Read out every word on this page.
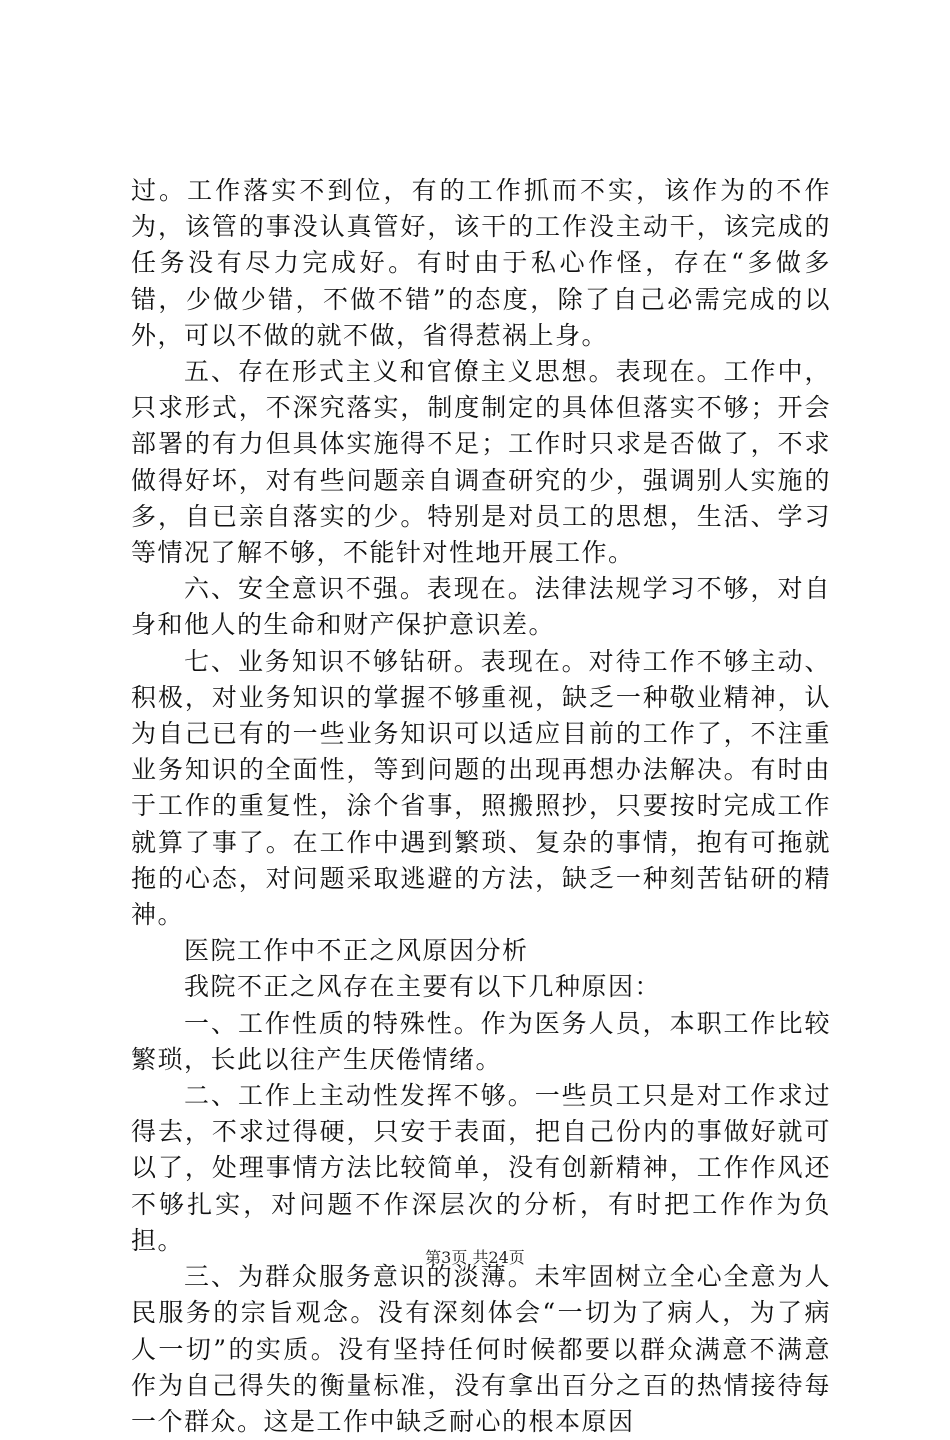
过。工作落实不到位，有的工作抓而不实，该作为的不作为，该管的事没认真管好，该干的工作没主动干，该完成的任务没有尽力完成好。有时由于私心作怪，存在“多做多错，少做少错，不做不错”的态度，除了自己必需完成的以外，可以不做的就不做，省得惹祸上身。

五、存在形式主义和官僚主义思想。表现在。工作中，只求形式，不深究落实，制度制定的具体但落实不够；开会部署的有力但具体实施得不足；工作时只求是否做了，不求做得好坏，对有些问题亲自调查研究的少，强调别人实施的多，自已亲自落实的少。特别是对员工的思想，生活、学习等情况了解不够，不能针对性地开展工作。

六、安全意识不强。表现在。法律法规学习不够，对自身和他人的生命和财产保护意识差。

七、业务知识不够钻研。表现在。对待工作不够主动、积极，对业务知识的掌握不够重视，缺乏一种敬业精神，认为自己已有的一些业务知识可以适应目前的工作了，不注重业务知识的全面性，等到问题的出现再想办法解决。有时由于工作的重复性，涂个省事，照搬照抄，只要按时完成工作就算了事了。在工作中遇到繁琐、复杂的事情，抱有可拖就拖的心态，对问题采取逃避的方法，缺乏一种刻苦钻研的精神。

医院工作中不正之风原因分析

我院不正之风存在主要有以下几种原因：

一、工作性质的特殊性。作为医务人员，本职工作比较繁琐，长此以往产生厌倦情绪。

二、工作上主动性发挥不够。一些员工只是对工作求过得去，不求过得硬，只安于表面，把自己份内的事做好就可以了，处理事情方法比较简单，没有创新精神，工作作风还不够扎实，对问题不作深层次的分析，有时把工作作为负担。

三、为群众服务意识的淡薄。未牢固树立全心全意为人民服务的宗旨观念。没有深刻体会“一切为了病人，为了病人一切”的实质。没有坚持任何时候都要以群众满意不满意作为自己得失的衡量标准，没有拿出百分之百的热情接待每一个群众。这是工作中缺乏耐心的根本原因

第3页 共24页
